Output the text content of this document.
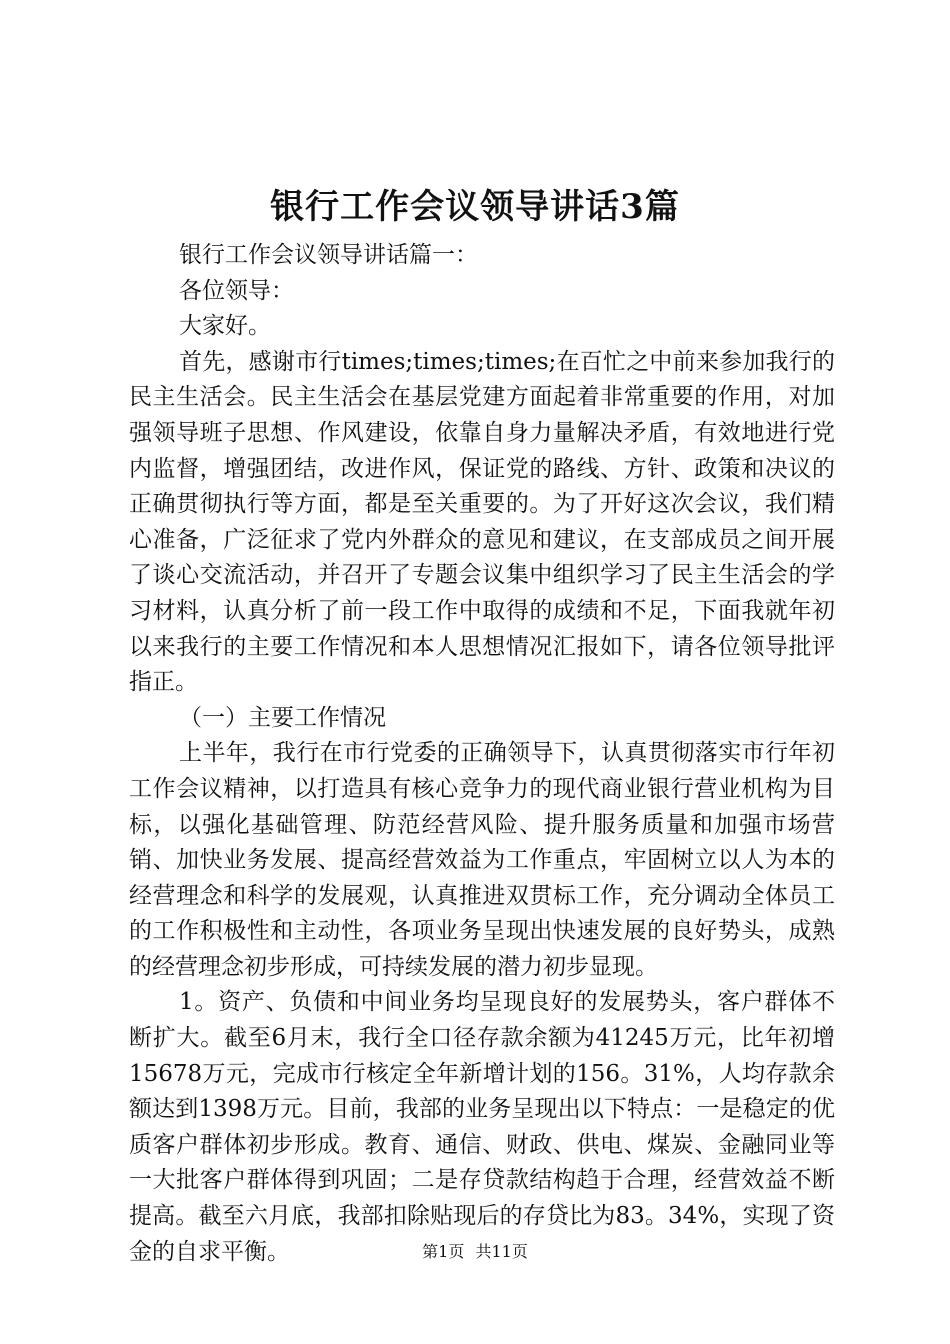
银行工作会议领导讲话3篇

银行工作会议领导讲话篇一：

各位领导：

大家好。

首先，感谢市行times;times;times;在百忙之中前来参加我行的民主生活会。民主生活会在基层党建方面起着非常重要的作用，对加强领导班子思想、作风建设，依靠自身力量解决矛盾，有效地进行党内监督，增强团结，改进作风，保证党的路线、方针、政策和决议的正确贯彻执行等方面，都是至关重要的。为了开好这次会议，我们精心准备，广泛征求了党内外群众的意见和建议，在支部成员之间开展了谈心交流活动，并召开了专题会议集中组织学习了民主生活会的学习材料，认真分析了前一段工作中取得的成绩和不足，下面我就年初以来我行的主要工作情况和本人思想情况汇报如下，请各位领导批评指正。

（一）主要工作情况

上半年，我行在市行党委的正确领导下，认真贯彻落实市行年初工作会议精神，以打造具有核心竞争力的现代商业银行营业机构为目标，以强化基础管理、防范经营风险、提升服务质量和加强市场营销、加快业务发展、提高经营效益为工作重点，牢固树立以人为本的经营理念和科学的发展观，认真推进双贯标工作，充分调动全体员工的工作积极性和主动性，各项业务呈现出快速发展的良好势头，成熟的经营理念初步形成，可持续发展的潜力初步显现。

1。资产、负债和中间业务均呈现良好的发展势头，客户群体不断扩大。截至6月末，我行全口径存款余额为41245万元，比年初增15678万元，完成市行核定全年新增计划的156。31%，人均存款余额达到1398万元。目前，我部的业务呈现出以下特点：一是稳定的优质客户群体初步形成。教育、通信、财政、供电、煤炭、金融同业等一大批客户群体得到巩固；二是存贷款结构趋于合理，经营效益不断提高。截至六月底，我部扣除贴现后的存贷比为83。34%，实现了资金的自求平衡。	第1页 共11页
